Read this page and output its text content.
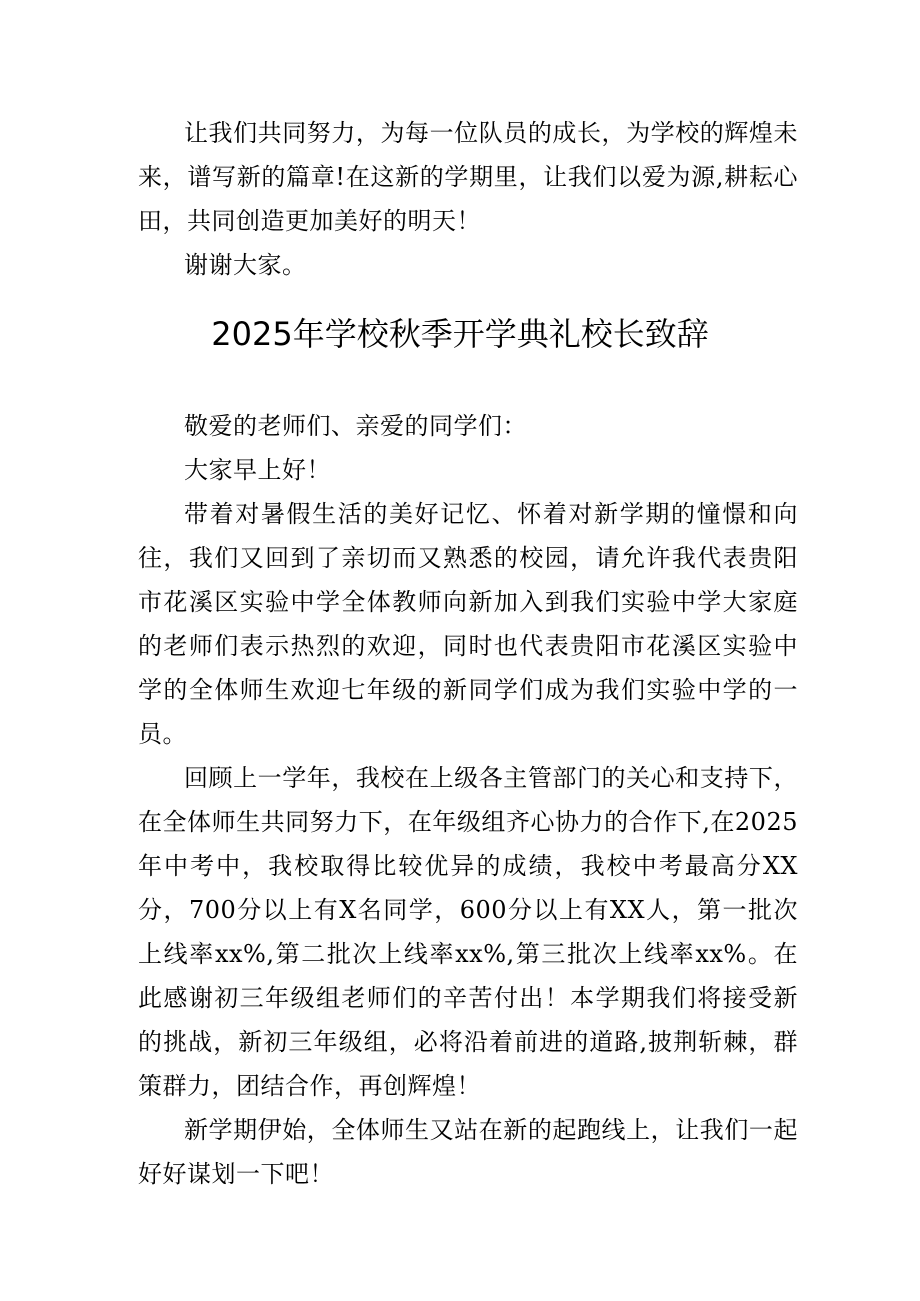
让我们共同努力，为每一位队员的成长，为学校的辉煌未来，谱写新的篇章!在这新的学期里，让我们以爱为源,耕耘心田，共同创造更加美好的明天！

谢谢大家。

2025年学校秋季开学典礼校长致辞

敬爱的老师们、亲爱的同学们：

大家早上好！

带着对暑假生活的美好记忆、怀着对新学期的憧憬和向往，我们又回到了亲切而又熟悉的校园，请允许我代表贵阳市花溪区实验中学全体教师向新加入到我们实验中学大家庭的老师们表示热烈的欢迎，同时也代表贵阳市花溪区实验中学的全体师生欢迎七年级的新同学们成为我们实验中学的一员。

回顾上一学年，我校在上级各主管部门的关心和支持下，在全体师生共同努力下，在年级组齐心协力的合作下,在2025年中考中，我校取得比较优异的成绩，我校中考最高分XX分，700分以上有X名同学，600分以上有XX人，第一批次上线率xx%,第二批次上线率xx%,第三批次上线率xx%。在此感谢初三年级组老师们的辛苦付出！本学期我们将接受新的挑战，新初三年级组，必将沿着前进的道路,披荆斩棘，群策群力，团结合作，再创辉煌！

新学期伊始，全体师生又站在新的起跑线上，让我们一起好好谋划一下吧！
